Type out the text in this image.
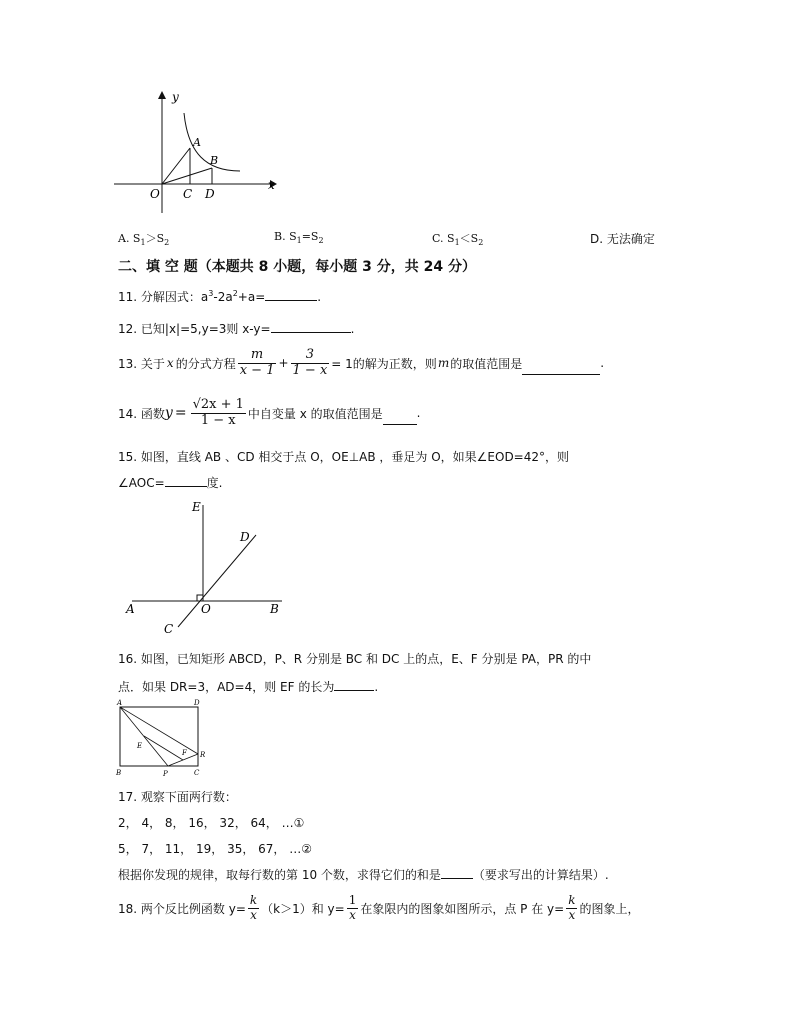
y
x
O
A
B
C D
A. $S_1>S_2$	B. $S_1=S_2$	C. $S_1<S_2$	D. 无法确定
二、填 空 题（本题共 8 小题，每小题 3 分，共 24 分）
11. 分解因式：$a^3-2a^2+a=$	.
12. 已知|x|=5,y=3则 x-y=	.
13. 关于 x 的分式方程 $\frac{m}{x - 1} + \frac{3}{1 - x} = 1$的解为正数，则 m 的取值范围是	.
14. 函数 $y = \frac{√2x + 1}{1 - x}$ 中自变量 x 的取值范围是	.
15. 如图，直线 AB 、CD 相交于点 O，OE⊥AB ，垂足为 O，如果∠EOD=42°，则
∠AOC=	度.
E
D
A	O	B
C
16. 如图，已知矩形 ABCD，P、R 分别是 BC 和 DC 上的点，E、F 分别是 PA，PR 的中
点．如果 DR=3，AD=4，则 EF 的长为	.
A	D
E
F R
B	P	C
17. 观察下面两行数：
2， 4， 8， 16， 32， 64， …①
5， 7， 11， 19， 35， 67， …②
根据你发现的规律，取每行数的第 10 个数，求得它们的和是	（要求写出的计算结果）.
18. 两个反比例函数 $y= \frac{k}{x} (k>1)$和 $y= \frac{1}{x}$ 在象限内的图象如图所示，点 P 在 $y= \frac{k}{x}$ 的图象上，
